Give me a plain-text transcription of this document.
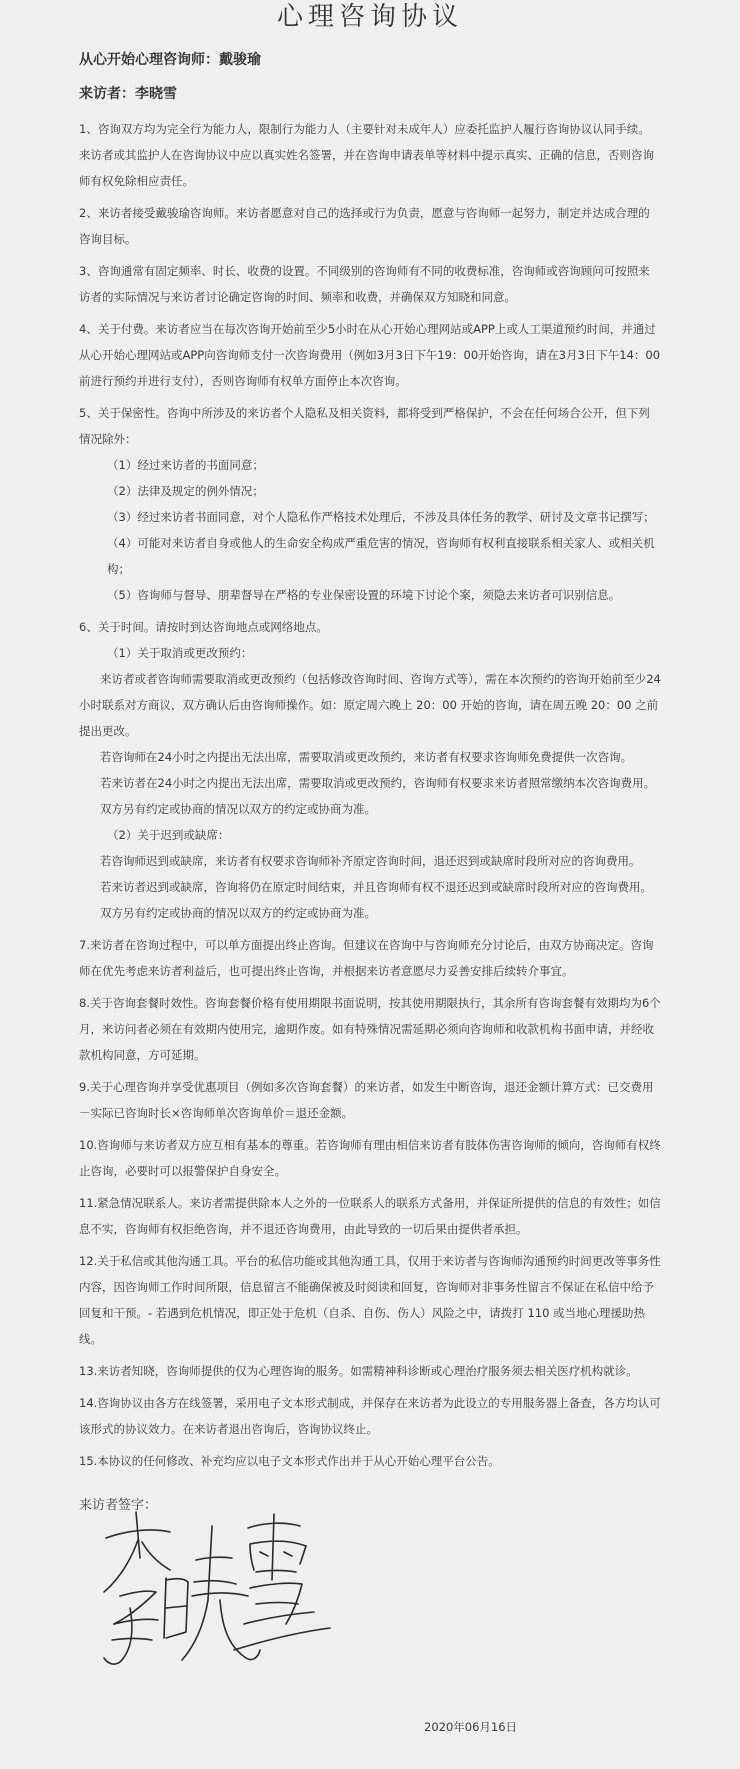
心理咨询协议
从心开始心理咨询师：戴骏瑜
来访者：李晓雪

1、咨询双方均为完全行为能力人，限制行为能力人（主要针对未成年人）应委托监护人履行咨询协议认同手续。来访者或其监护人在咨询协议中应以真实姓名签署，并在咨询申请表单等材料中提示真实、正确的信息，否则咨询师有权免除相应责任。

2、来访者接受戴骏瑜咨询师。来访者愿意对自己的选择或行为负责，愿意与咨询师一起努力，制定并达成合理的咨询目标。

3、咨询通常有固定频率、时长、收费的设置。不同级别的咨询师有不同的收费标准，咨询师或咨询顾问可按照来访者的实际情况与来访者讨论确定咨询的时间、频率和收费，并确保双方知晓和同意。

4、关于付费。来访者应当在每次咨询开始前至少5小时在从心开始心理网站或APP上或人工渠道预约时间，并通过从心开始心理网站或APP向咨询师支付一次咨询费用（例如3月3日下午19：00开始咨询，请在3月3日下午14：00前进行预约并进行支付），否则咨询师有权单方面停止本次咨询。

5、关于保密性。咨询中所涉及的来访者个人隐私及相关资料，都将受到严格保护，不会在任何场合公开，但下列情况除外：

（1）经过来访者的书面同意；

（2）法律及规定的例外情况；

（3）经过来访者书面同意，对个人隐私作严格技术处理后，不涉及具体任务的教学、研讨及文章书记撰写；

（4）可能对来访者自身或他人的生命安全构成严重危害的情况，咨询师有权利直接联系相关家人、或相关机构；

（5）咨询师与督导、朋辈督导在严格的专业保密设置的环境下讨论个案，须隐去来访者可识别信息。

6、关于时间。请按时到达咨询地点或网络地点。

（1）关于取消或更改预约：

来访者或者咨询师需要取消或更改预约（包括修改咨询时间、咨询方式等），需在本次预约的咨询开始前至少24小时联系对方商议，双方确认后由咨询师操作。如：原定周六晚上 20：00 开始的咨询，请在周五晚 20：00 之前提出更改。

若咨询师在24小时之内提出无法出席，需要取消或更改预约，来访者有权要求咨询师免费提供一次咨询。

若来访者在24小时之内提出无法出席，需要取消或更改预约，咨询师有权要求来访者照常缴纳本次咨询费用。

双方另有约定或协商的情况以双方的约定或协商为准。

（2）关于迟到或缺席：

若咨询师迟到或缺席，来访者有权要求咨询师补齐原定咨询时间，退还迟到或缺席时段所对应的咨询费用。

若来访者迟到或缺席，咨询将仍在原定时间结束，并且咨询师有权不退还迟到或缺席时段所对应的咨询费用。

双方另有约定或协商的情况以双方的约定或协商为准。

7.来访者在咨询过程中，可以单方面提出终止咨询。但建议在咨询中与咨询师充分讨论后，由双方协商决定。咨询师在优先考虑来访者利益后，也可提出终止咨询，并根据来访者意愿尽力妥善安排后续转介事宜。

8.关于咨询套餐时效性。咨询套餐价格有使用期限书面说明，按其使用期限执行，其余所有咨询套餐有效期均为6个月，来访问者必须在有效期内使用完，逾期作废。如有特殊情况需延期必须向咨询师和收款机构书面申请，并经收款机构同意，方可延期。

9.关于心理咨询并享受优惠项目（例如多次咨询套餐）的来访者，如发生中断咨询，退还金额计算方式：已交费用－实际已咨询时长×咨询师单次咨询单价＝退还金额。

10.咨询师与来访者双方应互相有基本的尊重。若咨询师有理由相信来访者有肢体伤害咨询师的倾向，咨询师有权终止咨询，必要时可以报警保护自身安全。

11.紧急情况联系人。来访者需提供除本人之外的一位联系人的联系方式备用，并保证所提供的信息的有效性；如信息不实，咨询师有权拒绝咨询，并不退还咨询费用，由此导致的一切后果由提供者承担。

12.关于私信或其他沟通工具。平台的私信功能或其他沟通工具，仅用于来访者与咨询师沟通预约时间更改等事务性内容，因咨询师工作时间所限，信息留言不能确保被及时阅读和回复，咨询师对非事务性留言不保证在私信中给予回复和干预。- 若遇到危机情况，即正处于危机（自杀、自伤、伤人）风险之中，请拨打 110 或当地心理援助热线。

13.来访者知晓，咨询师提供的仅为心理咨询的服务。如需精神科诊断或心理治疗服务须去相关医疗机构就诊。

14.咨询协议由各方在线签署，采用电子文本形式制成，并保存在来访者为此设立的专用服务器上备查，各方均认可该形式的协议效力。在来访者退出咨询后，咨询协议终止。

15.本协议的任何修改、补充均应以电子文本形式作出并于从心开始心理平台公告。

来访者签字：
2020年06月16日
